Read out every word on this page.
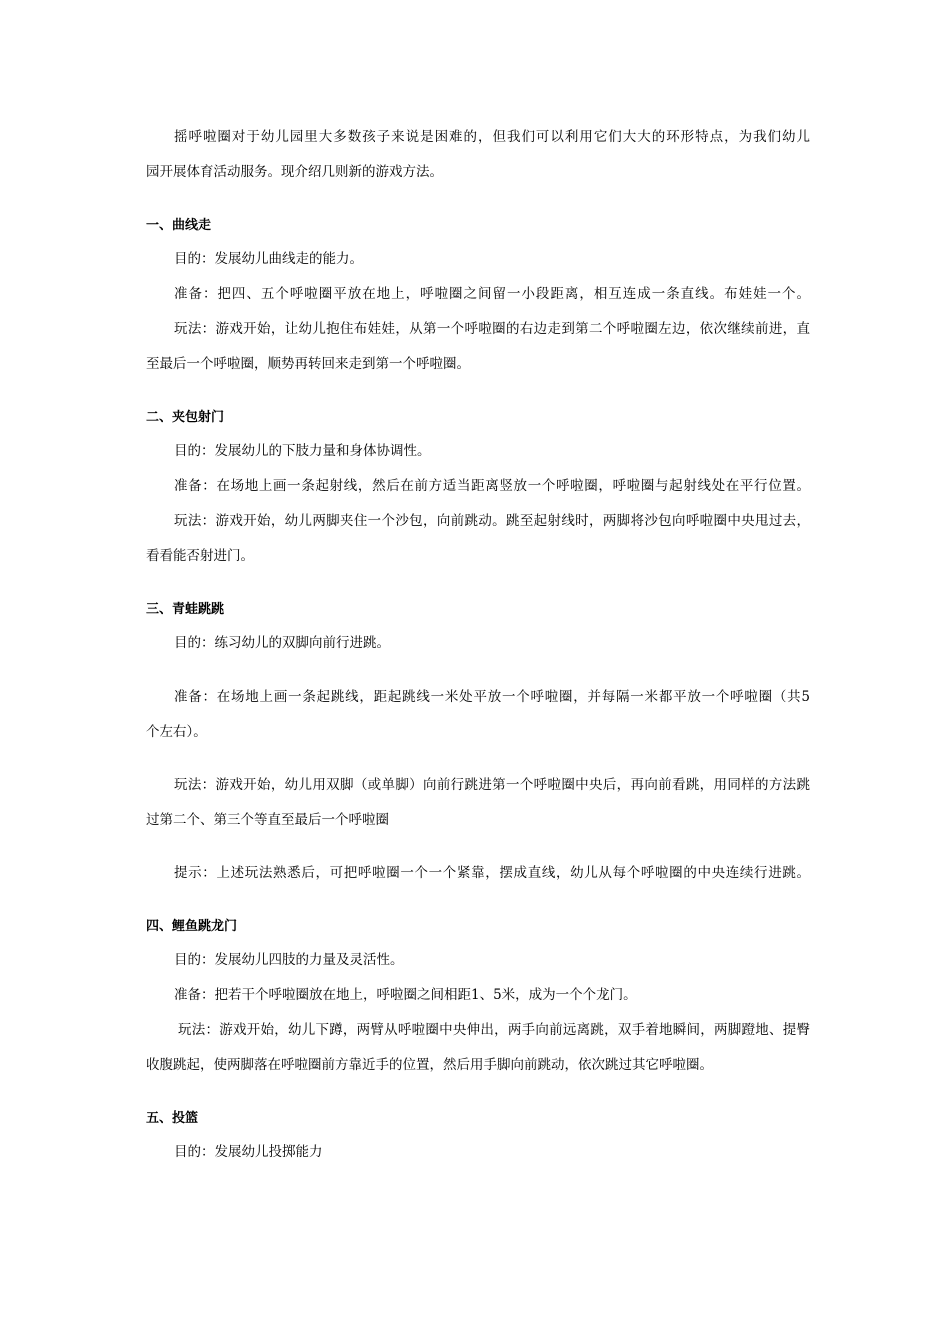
摇呼啦圈对于幼儿园里大多数孩子来说是困难的，但我们可以利用它们大大的环形特点，为我们幼儿
园开展体育活动服务。现介绍几则新的游戏方法。
一、曲线走
目的：发展幼儿曲线走的能力。
准备：把四、五个呼啦圈平放在地上，呼啦圈之间留一小段距离，相互连成一条直线。布娃娃一个。
玩法：游戏开始，让幼儿抱住布娃娃，从第一个呼啦圈的右边走到第二个呼啦圈左边，依次继续前进，直
至最后一个呼啦圈，顺势再转回来走到第一个呼啦圈。
二、夹包射门
目的：发展幼儿的下肢力量和身体协调性。
准备：在场地上画一条起射线，然后在前方适当距离竖放一个呼啦圈，呼啦圈与起射线处在平行位置。
玩法：游戏开始，幼儿两脚夹住一个沙包，向前跳动。跳至起射线时，两脚将沙包向呼啦圈中央甩过去，
看看能否射进门。
三、青蛙跳跳
目的：练习幼儿的双脚向前行进跳。
准备：在场地上画一条起跳线，距起跳线一米处平放一个呼啦圈，并每隔一米都平放一个呼啦圈（共5
个左右）。
玩法：游戏开始，幼儿用双脚（或单脚）向前行跳进第一个呼啦圈中央后，再向前看跳，用同样的方法跳
过第二个、第三个等直至最后一个呼啦圈
提示：上述玩法熟悉后，可把呼啦圈一个一个紧靠，摆成直线，幼儿从每个呼啦圈的中央连续行进跳。
四、鲤鱼跳龙门
目的：发展幼儿四肢的力量及灵活性。
准备：把若干个呼啦圈放在地上，呼啦圈之间相距1、5米，成为一个个龙门。
玩法：游戏开始，幼儿下蹲，两臂从呼啦圈中央伸出，两手向前远离跳，双手着地瞬间，两脚蹬地、提臀
收腹跳起，使两脚落在呼啦圈前方靠近手的位置，然后用手脚向前跳动，依次跳过其它呼啦圈。
五、投篮
目的：发展幼儿投掷能力
